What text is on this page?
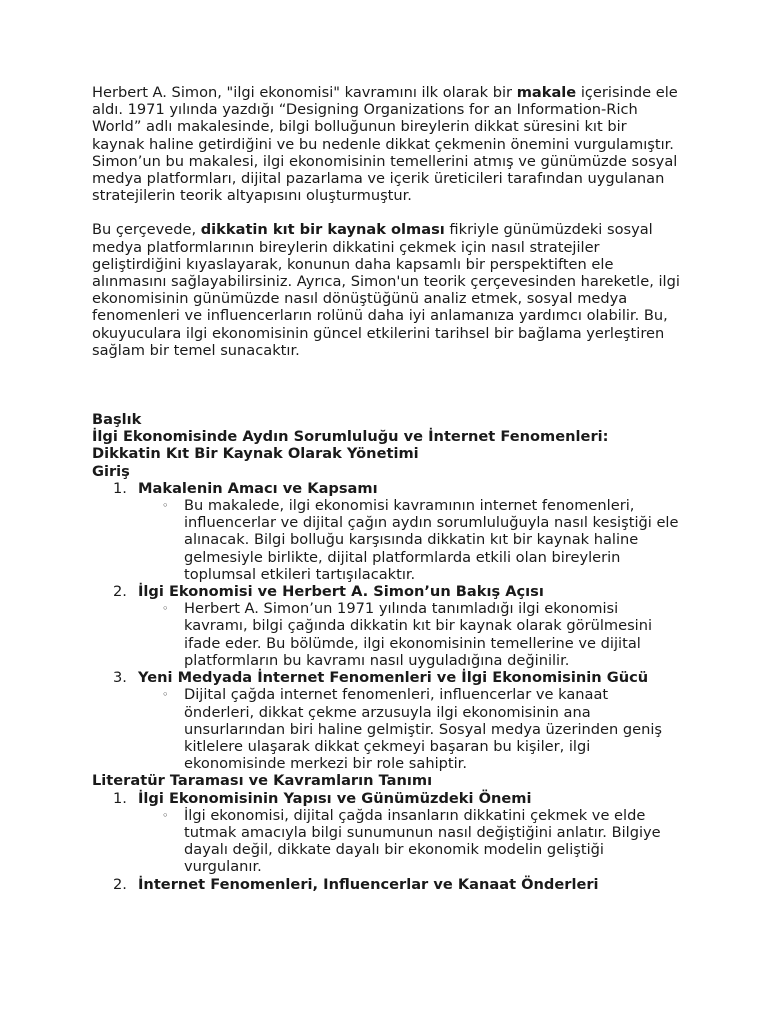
Herbert A. Simon, "ilgi ekonomisi" kavramını ilk olarak bir makale içerisinde ele aldı. 1971 yılında yazdığı “Designing Organizations for an Information-Rich World” adlı makalesinde, bilgi bolluğunun bireylerin dikkat süresini kıt bir kaynak haline getirdiğini ve bu nedenle dikkat çekmenin önemini vurgulamıştır. Simon’un bu makalesi, ilgi ekonomisinin temellerini atmış ve günümüzde sosyal medya platformları, dijital pazarlama ve içerik üreticileri tarafından uygulanan stratejilerin teorik altyapısını oluşturmuştur.

Bu çerçevede, dikkatin kıt bir kaynak olması fikriyle günümüzdeki sosyal medya platformlarının bireylerin dikkatini çekmek için nasıl stratejiler geliştirdiğini kıyaslayarak, konunun daha kapsamlı bir perspektiften ele alınmasını sağlayabilirsiniz. Ayrıca, Simon'un teorik çerçevesinden hareketle, ilgi ekonomisinin günümüzde nasıl dönüştüğünü analiz etmek, sosyal medya fenomenleri ve influencerların rolünü daha iyi anlamanıza yardımcı olabilir. Bu, okuyuculara ilgi ekonomisinin güncel etkilerini tarihsel bir bağlama yerleştiren sağlam bir temel sunacaktır.

Başlık

İlgi Ekonomisinde Aydın Sorumluluğu ve İnternet Fenomenleri: Dikkatin Kıt Bir Kaynak Olarak Yönetimi

Giriş

1. Makalenin Amacı ve Kapsamı
◦ Bu makalede, ilgi ekonomisi kavramının internet fenomenleri, influencerlar ve dijital çağın aydın sorumluluğuyla nasıl kesiştiği ele alınacak. Bilgi bolluğu karşısında dikkatin kıt bir kaynak haline gelmesiyle birlikte, dijital platformlarda etkili olan bireylerin toplumsal etkileri tartışılacaktır.
2. İlgi Ekonomisi ve Herbert A. Simon’un Bakış Açısı
◦ Herbert A. Simon’un 1971 yılında tanımladığı ilgi ekonomisi kavramı, bilgi çağında dikkatin kıt bir kaynak olarak görülmesini ifade eder. Bu bölümde, ilgi ekonomisinin temellerine ve dijital platformların bu kavramı nasıl uyguladığına değinilir.
3. Yeni Medyada İnternet Fenomenleri ve İlgi Ekonomisinin Gücü
◦ Dijital çağda internet fenomenleri, influencerlar ve kanaat önderleri, dikkat çekme arzusuyla ilgi ekonomisinin ana unsurlarından biri haline gelmiştir. Sosyal medya üzerinden geniş kitlelere ulaşarak dikkat çekmeyi başaran bu kişiler, ilgi ekonomisinde merkezi bir role sahiptir.

Literatür Taraması ve Kavramların Tanımı

1. İlgi Ekonomisinin Yapısı ve Günümüzdeki Önemi
◦ İlgi ekonomisi, dijital çağda insanların dikkatini çekmek ve elde tutmak amacıyla bilgi sunumunun nasıl değiştiğini anlatır. Bilgiye dayalı değil, dikkate dayalı bir ekonomik modelin geliştiği vurgulanır.
2. İnternet Fenomenleri, Influencerlar ve Kanaat Önderleri
